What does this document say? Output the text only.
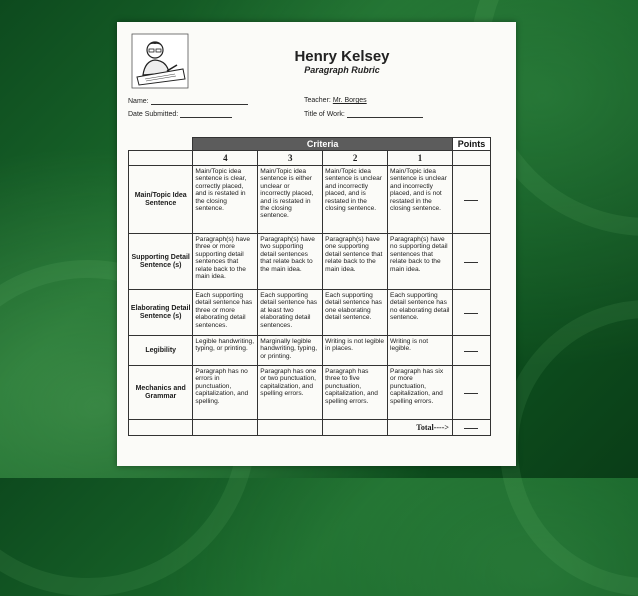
Henry Kelsey
Paragraph Rubric
Name:
Date Submitted:
Teacher: Mr. Borges
Title of Work:
	Criteria				Points
	4	3	2	1	
Main/Topic Idea Sentence	Main/Topic idea sentence is clear, correctly placed, and is restated in the closing sentence.	Main/Topic idea sentence is either unclear or incorrectly placed, and is restated in the closing sentence.	Main/Topic idea sentence is unclear and incorrectly placed, and is restated in the closing sentence.	Main/Topic idea sentence is unclear and incorrectly placed, and is not restated in the closing sentence.	
Supporting Detail Sentence (s)	Paragraph(s) have three or more supporting detail sentences that relate back to the main idea.	Paragraph(s) have two supporting detail sentences that relate back to the main idea.	Paragraph(s) have one supporting detail sentence that relate back to the main idea.	Paragraph(s) have no supporting detail sentences that relate back to the main idea.	
Elaborating Detail Sentence (s)	Each supporting detail sentence has three or more elaborating detail sentences.	Each supporting detail sentence has at least two elaborating detail sentences.	Each supporting detail sentence has one elaborating detail sentence.	Each supporting detail sentence has no elaborating detail sentence.	
Legibility	Legible handwriting, typing, or printing.	Marginally legible handwriting, typing, or printing.	Writing is not legible in places.	Writing is not legible.	
Mechanics and Grammar	Paragraph has no errors in punctuation, capitalization, and spelling.	Paragraph has one or two punctuation, capitalization, and spelling errors.	Paragraph has three to five punctuation, capitalization, and spelling errors.	Paragraph has six or more punctuation, capitalization, and spelling errors.	
				Total---->	
